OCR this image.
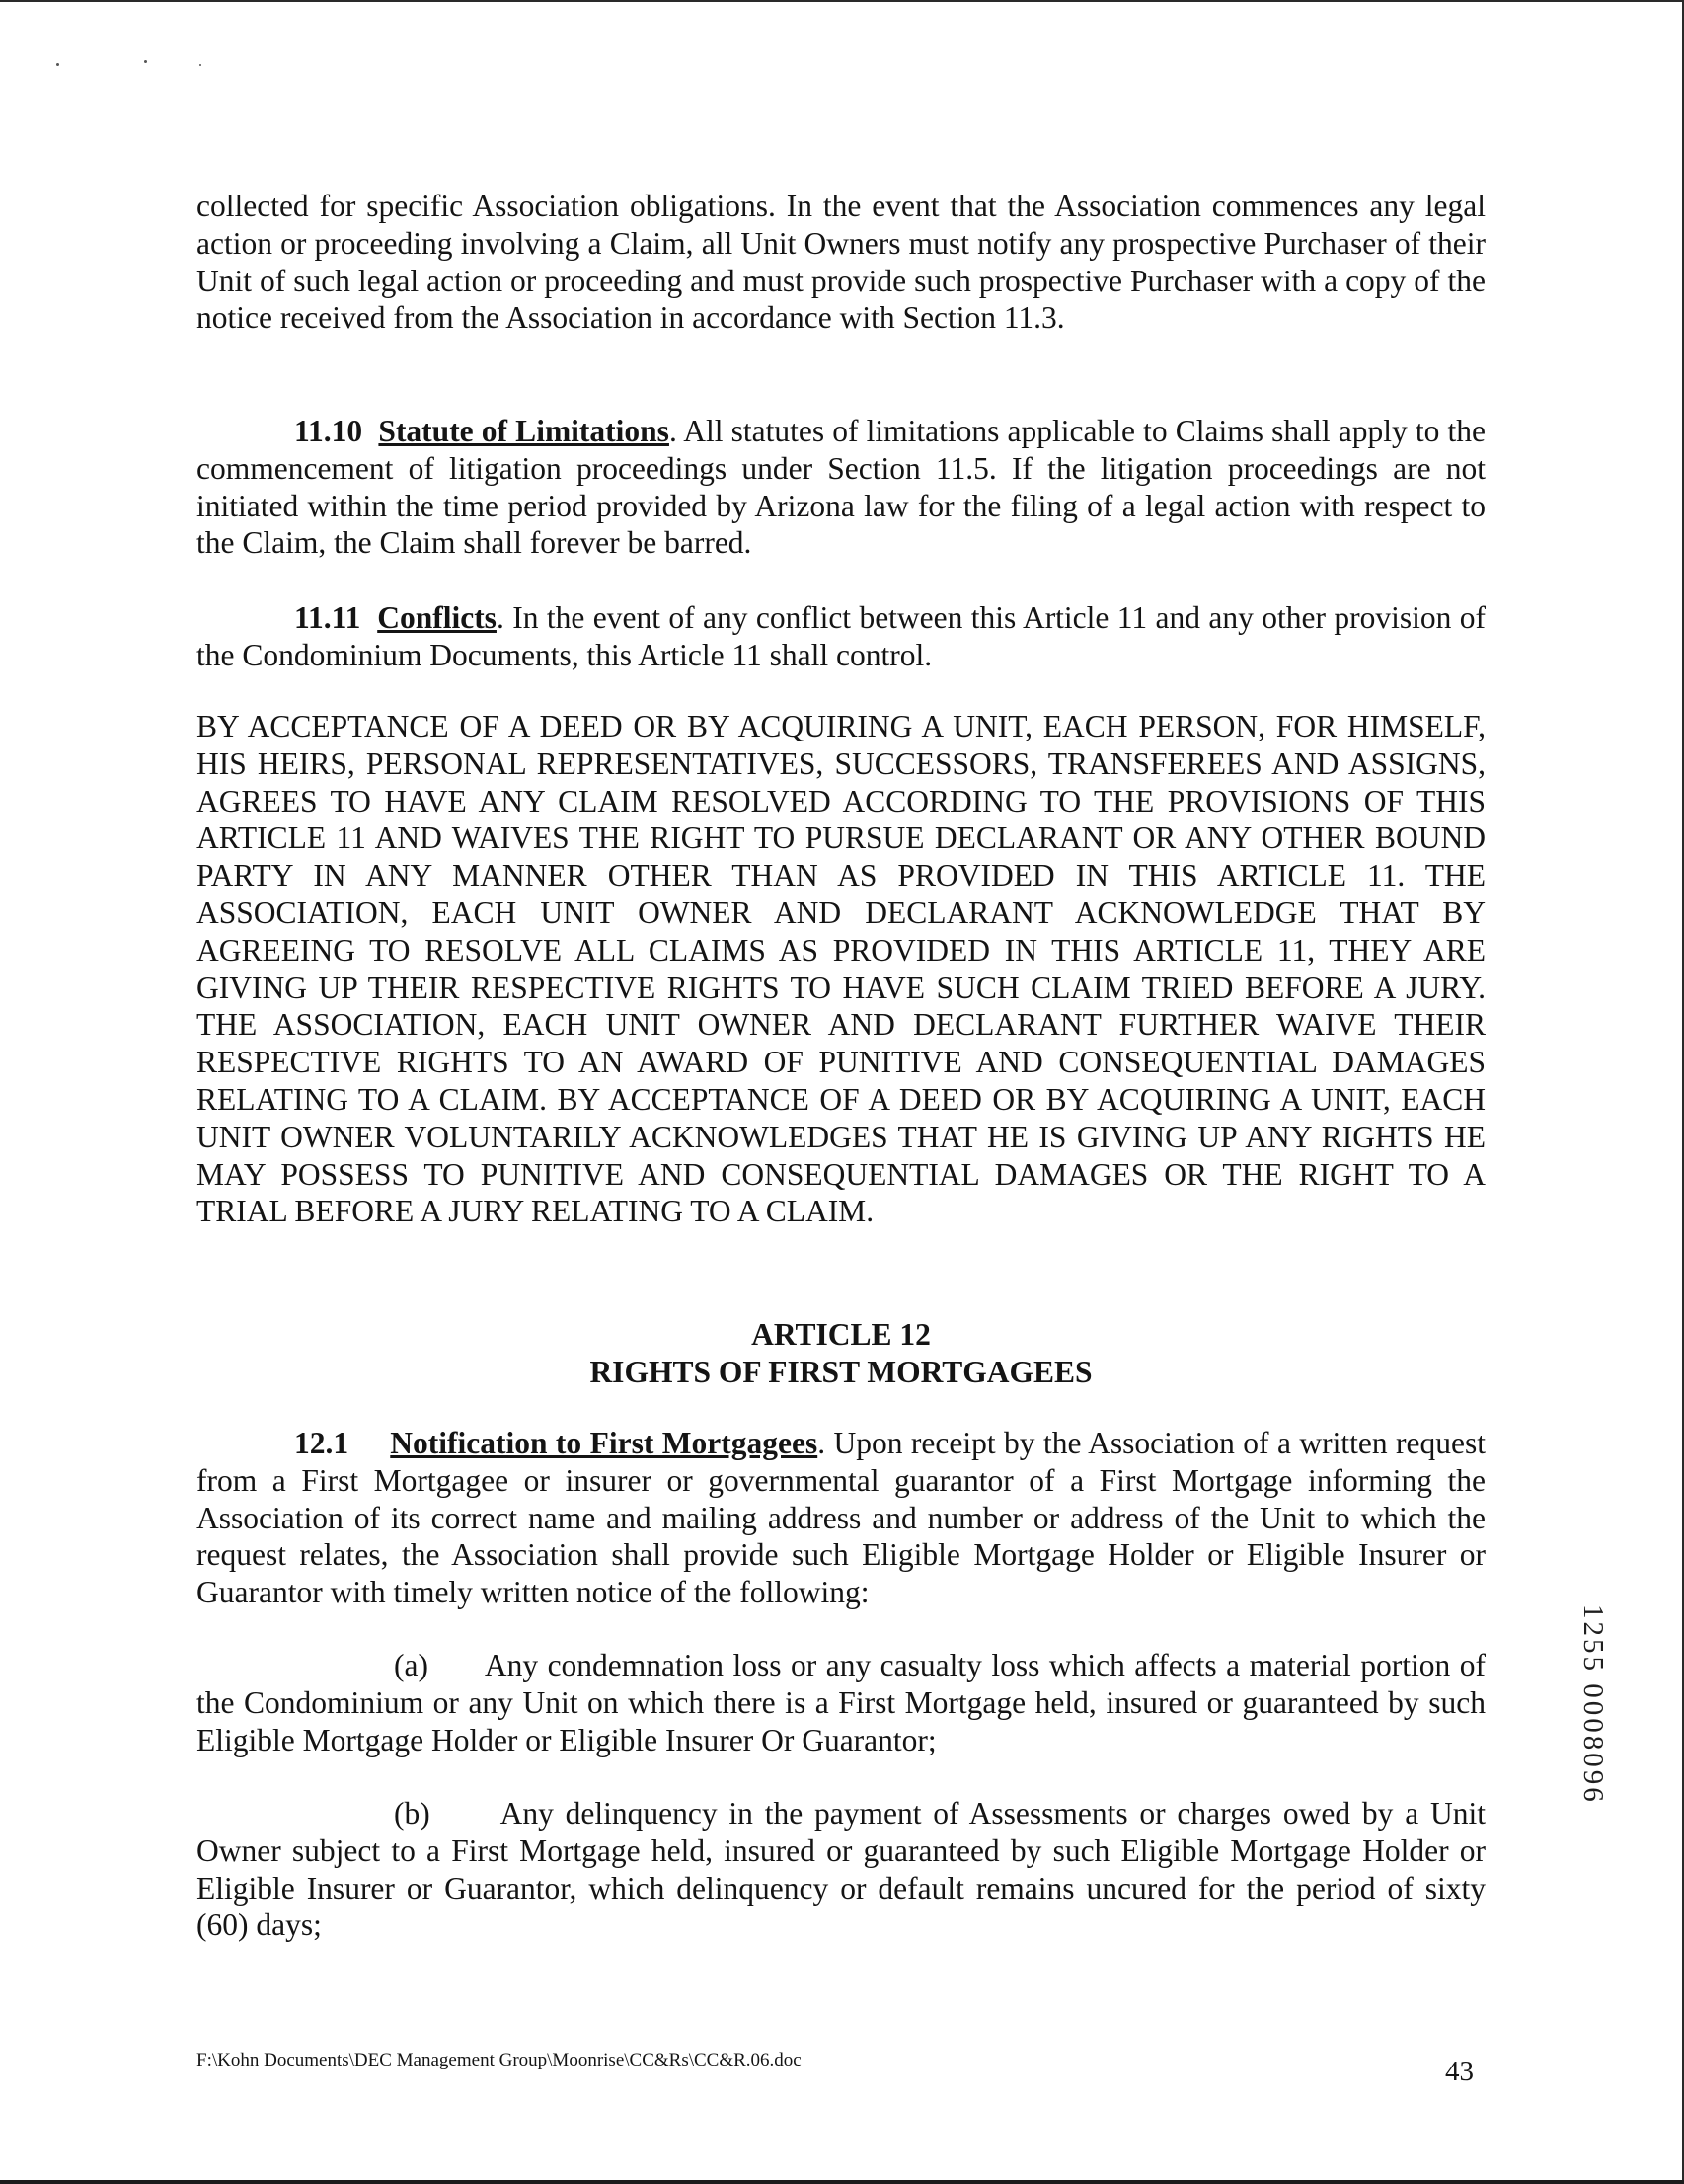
collected for specific Association obligations. In the event that the Association commences any legal action or proceeding involving a Claim, all Unit Owners must notify any prospective Purchaser of their Unit of such legal action or proceeding and must provide such prospective Purchaser with a copy of the notice received from the Association in accordance with Section 11.3.

11.10 Statute of Limitations. All statutes of limitations applicable to Claims shall apply to the commencement of litigation proceedings under Section 11.5. If the litigation proceedings are not initiated within the time period provided by Arizona law for the filing of a legal action with respect to the Claim, the Claim shall forever be barred.

11.11 Conflicts. In the event of any conflict between this Article 11 and any other provision of the Condominium Documents, this Article 11 shall control.

BY ACCEPTANCE OF A DEED OR BY ACQUIRING A UNIT, EACH PERSON, FOR HIMSELF, HIS HEIRS, PERSONAL REPRESENTATIVES, SUCCESSORS, TRANSFEREES AND ASSIGNS, AGREES TO HAVE ANY CLAIM RESOLVED ACCORDING TO THE PROVISIONS OF THIS ARTICLE 11 AND WAIVES THE RIGHT TO PURSUE DECLARANT OR ANY OTHER BOUND PARTY IN ANY MANNER OTHER THAN AS PROVIDED IN THIS ARTICLE 11. THE ASSOCIATION, EACH UNIT OWNER AND DECLARANT ACKNOWLEDGE THAT BY AGREEING TO RESOLVE ALL CLAIMS AS PROVIDED IN THIS ARTICLE 11, THEY ARE GIVING UP THEIR RESPECTIVE RIGHTS TO HAVE SUCH CLAIM TRIED BEFORE A JURY. THE ASSOCIATION, EACH UNIT OWNER AND DECLARANT FURTHER WAIVE THEIR RESPECTIVE RIGHTS TO AN AWARD OF PUNITIVE AND CONSEQUENTIAL DAMAGES RELATING TO A CLAIM. BY ACCEPTANCE OF A DEED OR BY ACQUIRING A UNIT, EACH UNIT OWNER VOLUNTARILY ACKNOWLEDGES THAT HE IS GIVING UP ANY RIGHTS HE MAY POSSESS TO PUNITIVE AND CONSEQUENTIAL DAMAGES OR THE RIGHT TO A TRIAL BEFORE A JURY RELATING TO A CLAIM.

ARTICLE 12

RIGHTS OF FIRST MORTGAGEES

12.1 Notification to First Mortgagees. Upon receipt by the Association of a written request from a First Mortgagee or insurer or governmental guarantor of a First Mortgage informing the Association of its correct name and mailing address and number or address of the Unit to which the request relates, the Association shall provide such Eligible Mortgage Holder or Eligible Insurer or Guarantor with timely written notice of the following:

(a) Any condemnation loss or any casualty loss which affects a material portion of the Condominium or any Unit on which there is a First Mortgage held, insured or guaranteed by such Eligible Mortgage Holder or Eligible Insurer Or Guarantor;

(b) Any delinquency in the payment of Assessments or charges owed by a Unit Owner subject to a First Mortgage held, insured or guaranteed by such Eligible Mortgage Holder or Eligible Insurer or Guarantor, which delinquency or default remains uncured for the period of sixty (60) days;

F:\Kohn Documents\DEC Management Group\Moonrise\CC&Rs\CC&R.06.doc	43
1255 0008096
